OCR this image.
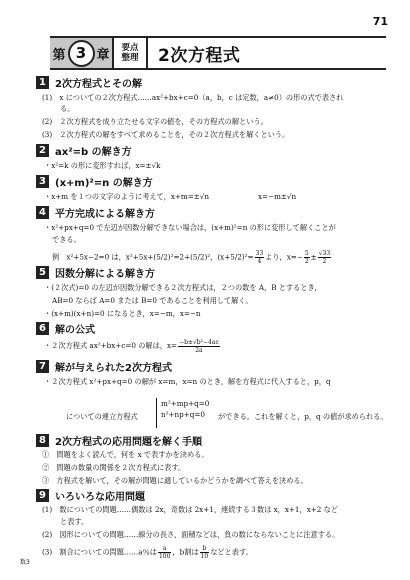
71
第 3 章 要点
整理	2次方程式
1 2次方程式とその解
(1)　x についての２次方程式……ax²+bx+c=0（a，b，c は定数，a≠0）の形の式で表され
る。
(2)　２次方程式を成り立たせる文字の値を，その方程式の解という。
(3)　２次方程式の解をすべて求めることを，その２次方程式を解くという。
2 ax²=b の解き方
・x²=k の形に変形すれば，x=±√k
3 (x+m)²=n の解き方
・x+m を１つの文字のように考えて，x+m=±√n	x=−m±√n
4 平方完成による解き方
・x²+px+q=0 で左辺が因数分解できない場合は，(x+m)²=n の形に変形して解くことが
できる。
例　x²+5x−2=0 は，x²+5x+(5/2)²=2+(5/2)²，$(x+5/2)^2= \frac{33}{4}$ より，$x=- \frac{5}{2} \pm \frac{√33}{2}$
5 因数分解による解き方
・(２次式)=0 の左辺が因数分解できる２次方程式は，２つの数を A，B とするとき，
AB=0 ならば A=0 または B=0 であることを利用して解く。
・(x+m)(x+n)=0 になるとき，x=−m，x=−n
6 解の公式
・２次方程式 ax²+bx+c=0 の解は，$x= \frac{\text{−b±√b²−4ac}}{2a}$
7 解が与えられた2次方程式
・２次方程式 x²+px+q=0 の解が x=m，x=n のとき，解を方程式に代入すると，p，q
についての連立方程式
m²+mp+q=0
n²+np+q=0	ができる。これを解くと，p，q の値が求められる。
8 2次方程式の応用問題を解く手順
①　問題をよく読んで，何を x で表すかを決める。
②　問題の数量の関係を２次方程式に表す。
③　方程式を解いて，その解が問題に適しているかどうかを調べて答えを決める。
9 いろいろな応用問題
(1)　数についての問題……偶数は 2x，奇数は 2x+1，連続する３数は x，x+1，x+2 など
と表す。
(2)　図形についての問題……線分の長さ，面積などは，負の数にならないことに注意する。
(3)　割合についての問題……a％は $\frac{a}{100}$ ，b割は $\frac{b}{10}$ などと表す。
数3
